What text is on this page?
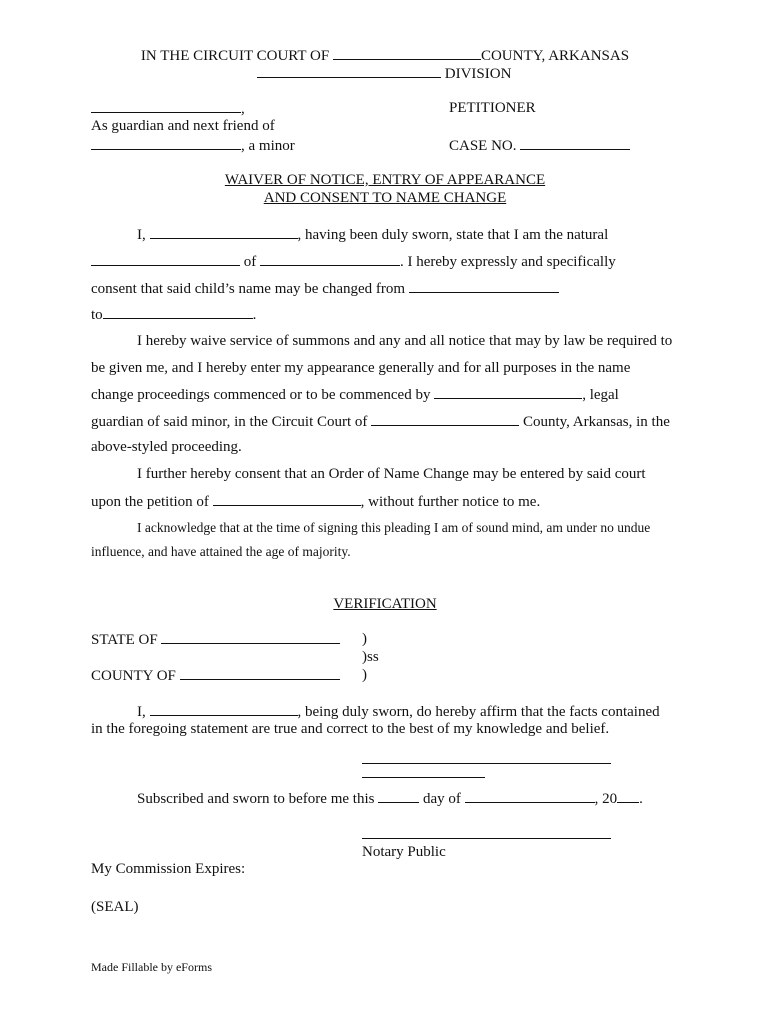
IN THE CIRCUIT COURT OF	COUNTY, ARKANSAS
DIVISION
,	PETITIONER
As guardian and next friend of
, a minor	CASE NO.
WAIVER OF NOTICE, ENTRY OF APPEARANCE
AND CONSENT TO NAME CHANGE
I,	, having been duly sworn, state that I am the natural
of	. I hereby expressly and specifically
consent that said child’s name may be changed from
to	.
I hereby waive service of summons and any and all notice that may by law be required to
be given me, and I hereby enter my appearance generally and for all purposes in the name
change proceedings commenced or to be commenced by	, legal
guardian of said minor, in the Circuit Court of	County, Arkansas, in the
above-styled proceeding.
I further hereby consent that an Order of Name Change may be entered by said court
upon the petition of	, without further notice to me.
I acknowledge that at the time of signing this pleading I am of sound mind, am under no undue
influence, and have attained the age of majority.
VERIFICATION
STATE OF	)
)ss
COUNTY OF	)
I,	, being duly sworn, do hereby affirm that the facts contained
in the foregoing statement are true and correct to the best of my knowledge and belief.
Subscribed and sworn to before me this	day of	, 20 .
Notary Public
My Commission Expires:
(SEAL)
Made Fillable by eForms
